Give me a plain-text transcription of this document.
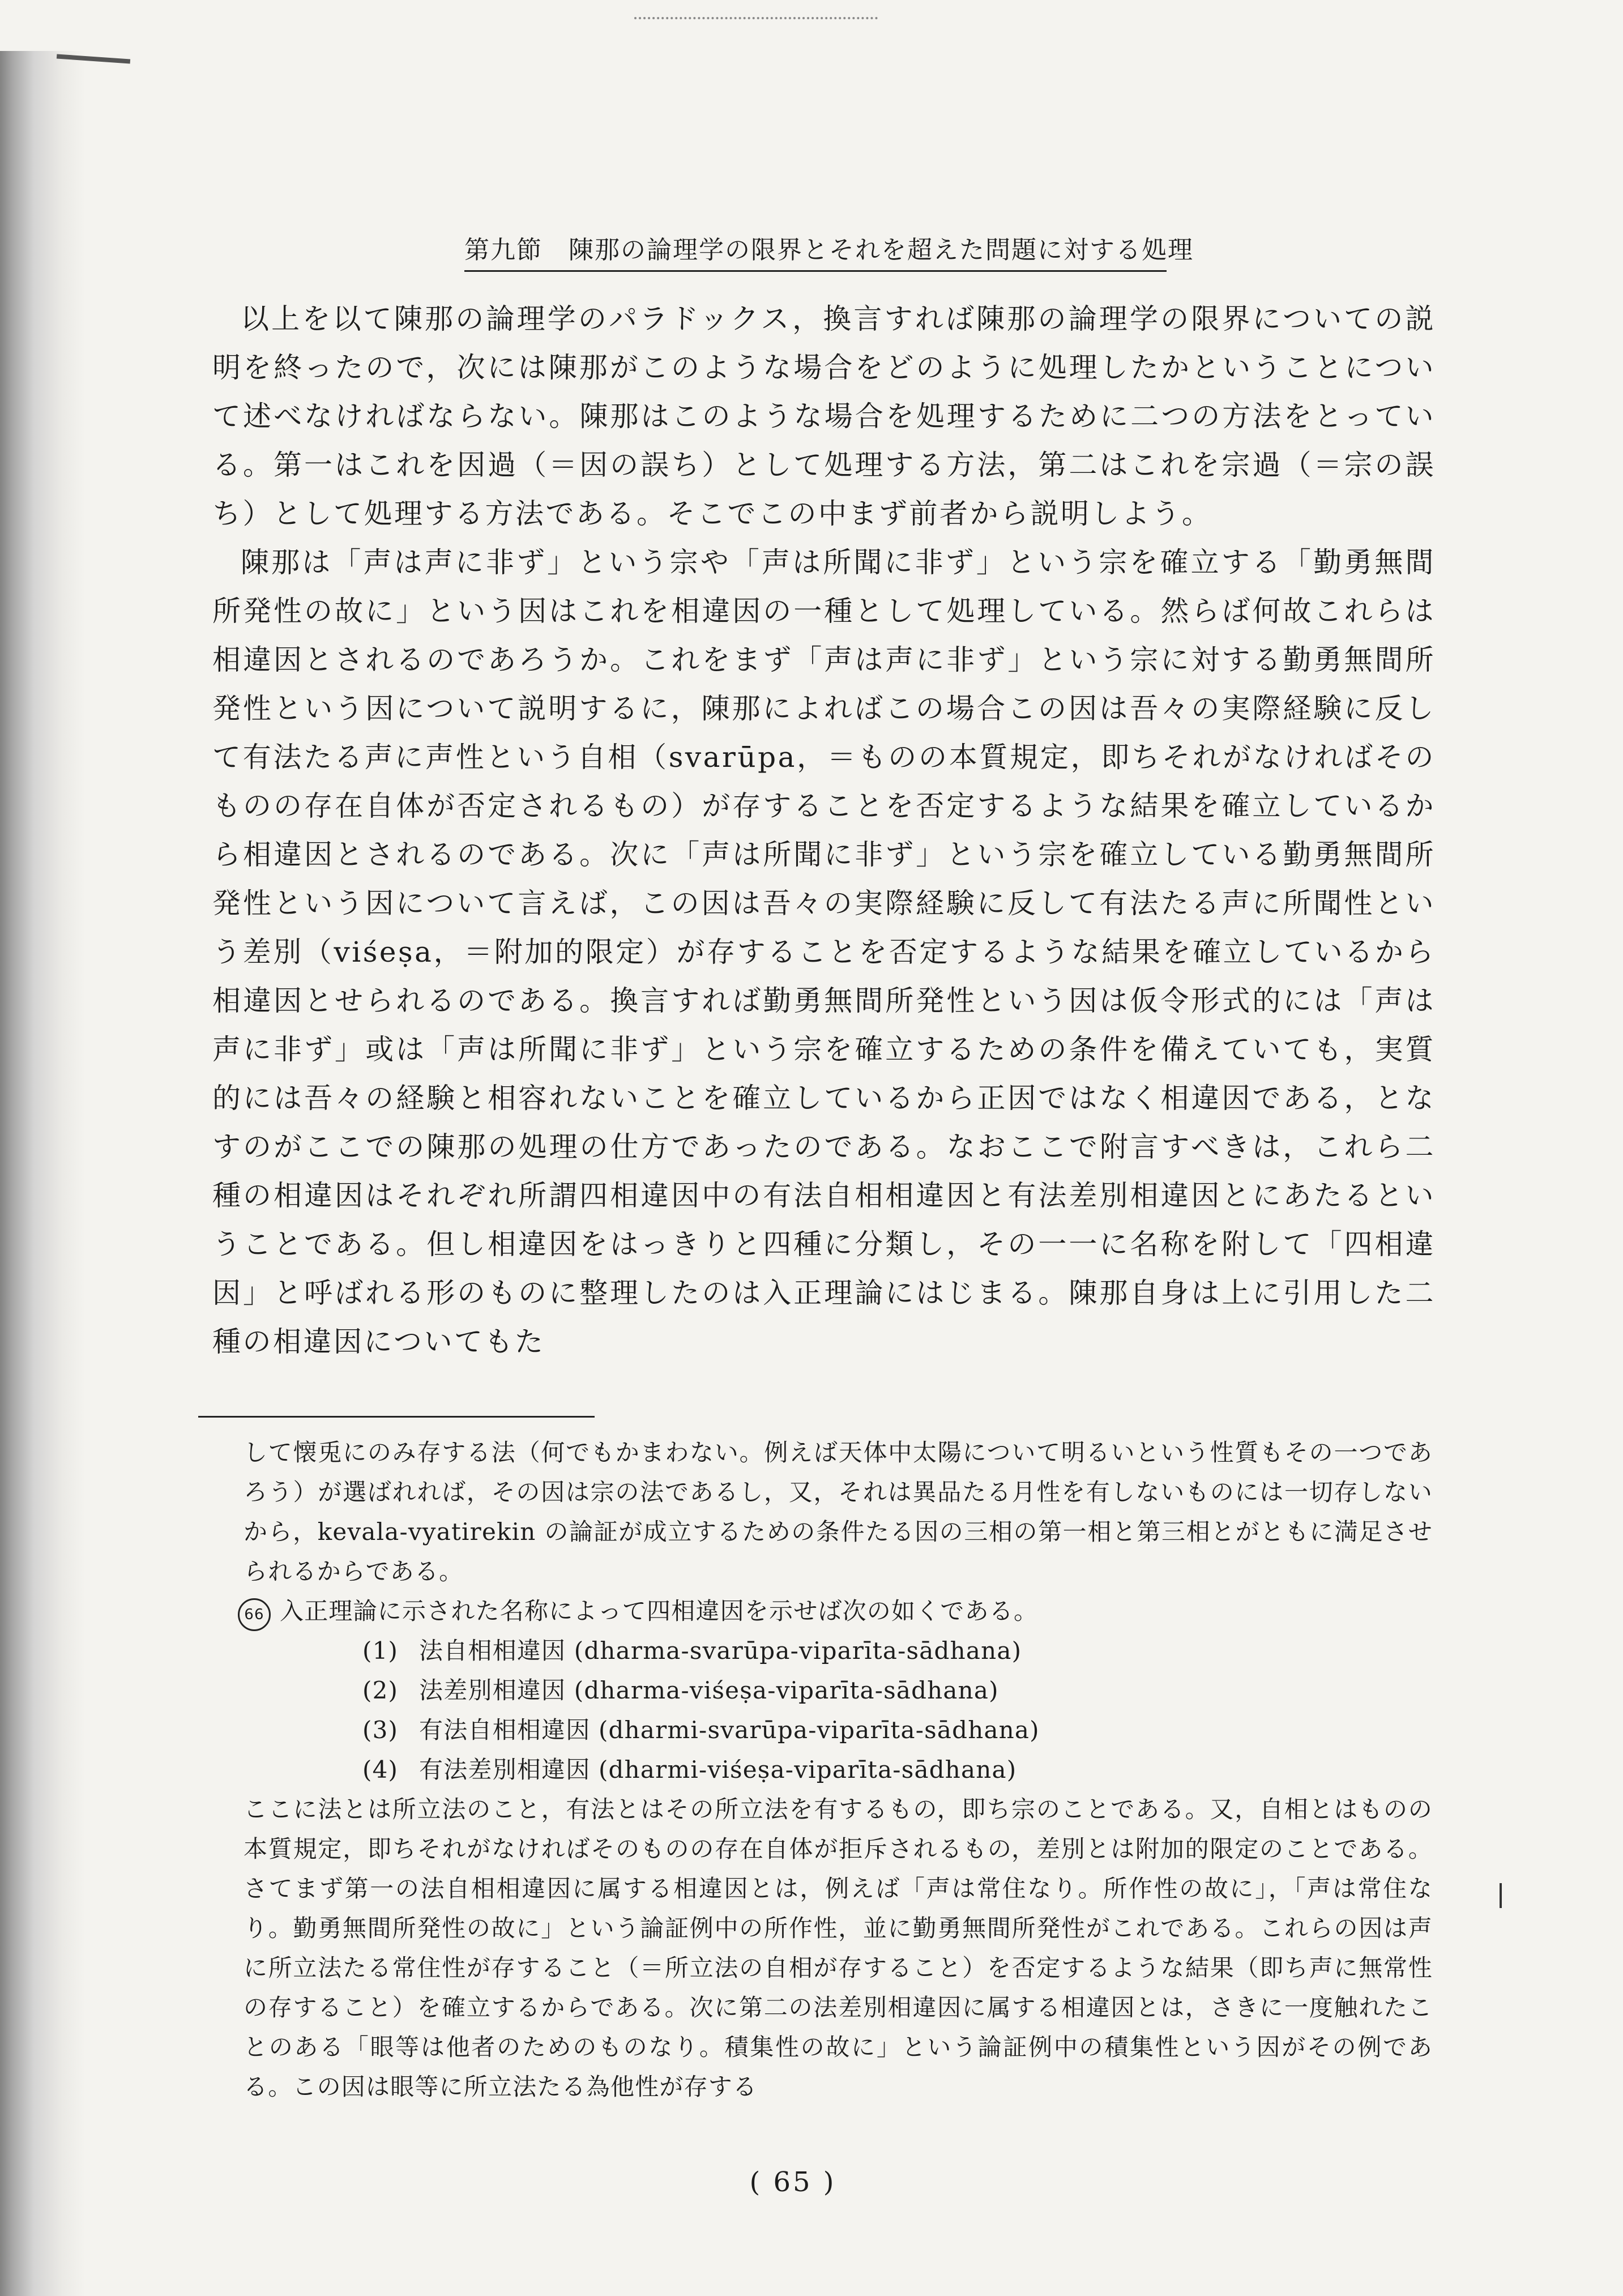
第九節　陳那の論理学の限界とそれを超えた問題に対する処理

以上を以て陳那の論理学のパラドックス，換言すれば陳那の論理学の限界についての説明を終ったので，次には陳那がこのような場合をどのように処理したかということについて述べなければならない。陳那はこのような場合を処理するために二つの方法をとっている。第一はこれを因過（＝因の誤ち）として処理する方法，第二はこれを宗過（＝宗の誤ち）として処理する方法である。そこでこの中まず前者から説明しよう。

陳那は「声は声に非ず」という宗や「声は所聞に非ず」という宗を確立する「勤勇無間所発性の故に」という因はこれを相違因の一種として処理している。然らば何故これらは相違因とされるのであろうか。これをまず「声は声に非ず」という宗に対する勤勇無間所発性という因について説明するに，陳那によればこの場合この因は吾々の実際経験に反して有法たる声に声性という自相（svarūpa，＝ものの本質規定，即ちそれがなければそのものの存在自体が否定されるもの）が存することを否定するような結果を確立しているから相違因とされるのである。次に「声は所聞に非ず」という宗を確立している勤勇無間所発性という因について言えば，この因は吾々の実際経験に反して有法たる声に所聞性という差別（viśeṣa，＝附加的限定）が存することを否定するような結果を確立しているから相違因とせられるのである。換言すれば勤勇無間所発性という因は仮令形式的には「声は声に非ず」或は「声は所聞に非ず」という宗を確立するための条件を備えていても，実質的には吾々の経験と相容れないことを確立しているから正因ではなく相違因である，となすのがここでの陳那の処理の仕方であったのである。なおここで附言すべきは，これら二種の相違因はそれぞれ所謂四相違因中の有法自相相違因と有法差別相違因とにあたるということである。但し相違因をはっきりと四種に分類し，その一一に名称を附して「四相違因」と呼ばれる形のものに整理したのは入正理論にはじまる。陳那自身は上に引用した二種の相違因についてもた

して懐兎にのみ存する法（何でもかまわない。例えば天体中太陽について明るいという性質もその一つであろう）が選ばれれば，その因は宗の法であるし，又，それは異品たる月性を有しないものには一切存しないから，kevala-vyatirekin の論証が成立するための条件たる因の三相の第一相と第三相とがともに満足させられるからである。

66 入正理論に示された名称によって四相違因を示せば次の如くである。
(1) 法自相相違因 (dharma-svarūpa-viparīta-sādhana)
(2) 法差別相違因 (dharma-viśeṣa-viparīta-sādhana)
(3) 有法自相相違因 (dharmi-svarūpa-viparīta-sādhana)
(4) 有法差別相違因 (dharmi-viśeṣa-viparīta-sādhana)

ここに法とは所立法のこと，有法とはその所立法を有するもの，即ち宗のことである。又，自相とはものの本質規定，即ちそれがなければそのものの存在自体が拒斥されるもの，差別とは附加的限定のことである。さてまず第一の法自相相違因に属する相違因とは，例えば「声は常住なり。所作性の故に」，「声は常住なり。勤勇無間所発性の故に」という論証例中の所作性，並に勤勇無間所発性がこれである。これらの因は声に所立法たる常住性が存すること（＝所立法の自相が存すること）を否定するような結果（即ち声に無常性の存すること）を確立するからである。次に第二の法差別相違因に属する相違因とは，さきに一度触れたことのある「眼等は他者のためのものなり。積集性の故に」という論証例中の積集性という因がその例である。この因は眼等に所立法たる為他性が存する

( 65 )
